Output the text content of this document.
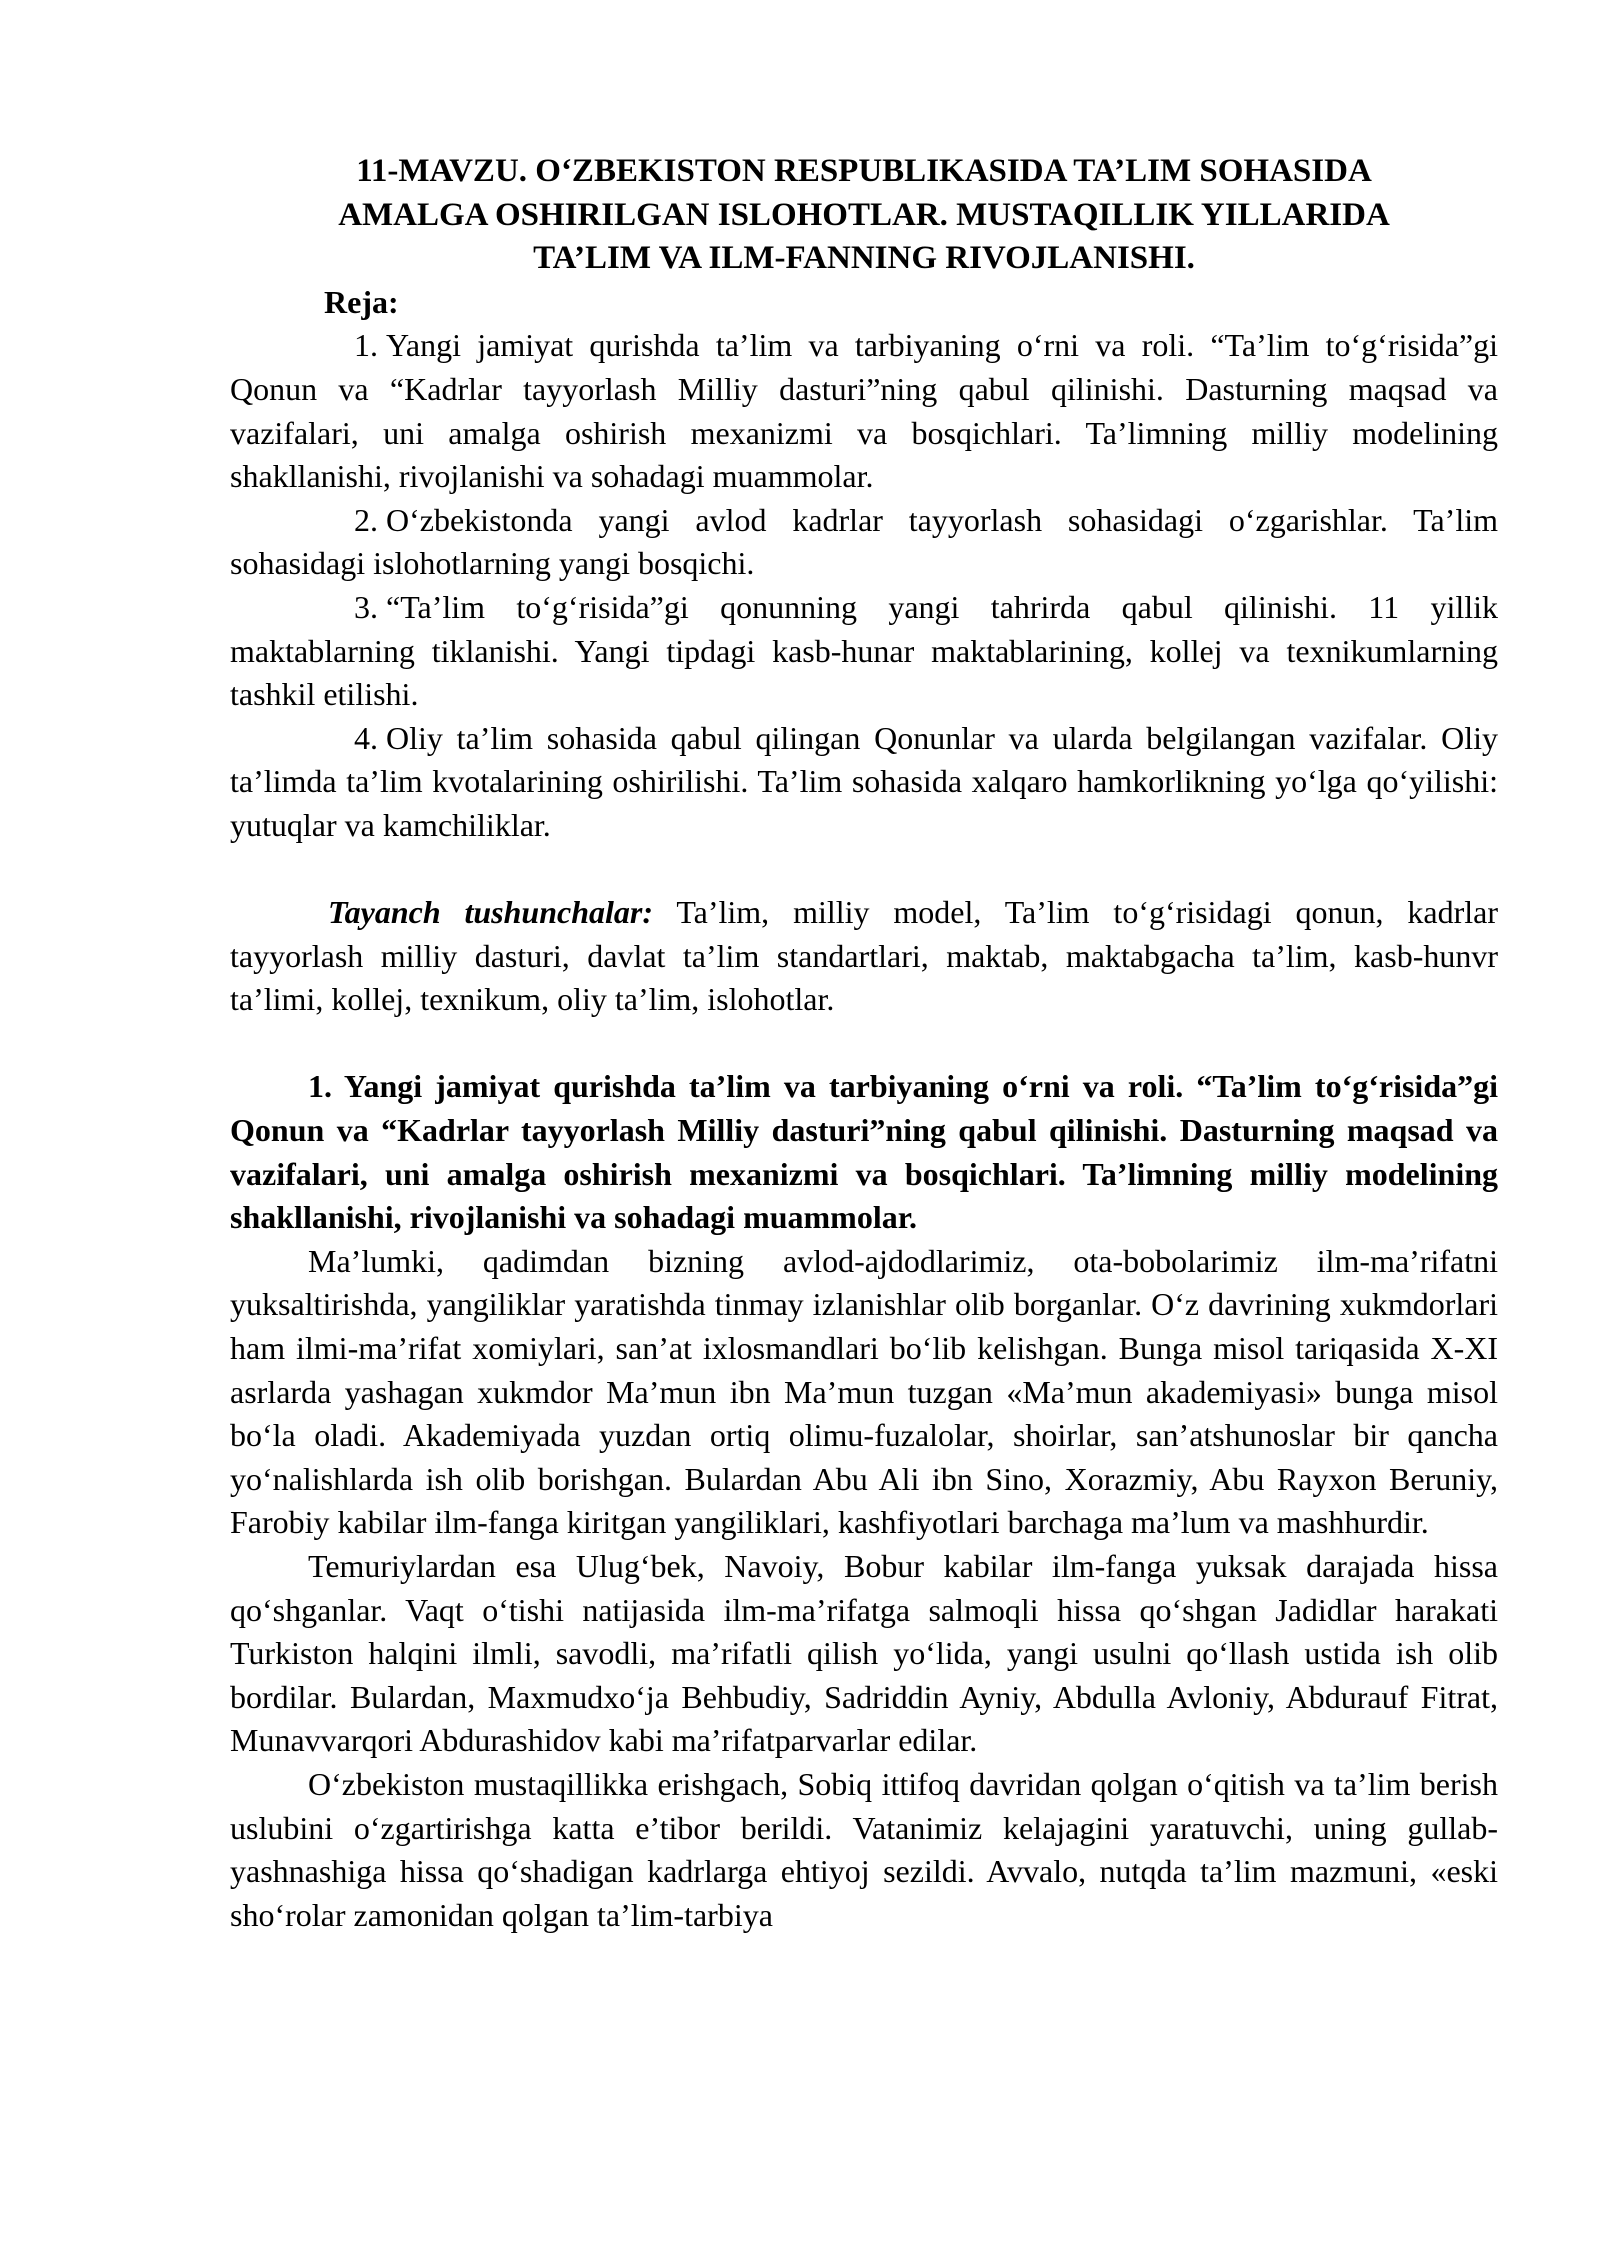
11-MAVZU. O‘ZBEKISTON RESPUBLIKASIDA TA’LIM SOHASIDA
AMALGA OSHIRILGAN ISLOHOTLAR. MUSTAQILLIK YILLARIDA
TA’LIM VA ILM-FANNING RIVOJLANISHI.
Reja:
1. Yangi jamiyat qurishda ta’lim va tarbiyaning o‘rni va roli. “Ta’lim to‘g‘risida”gi Qonun va “Kadrlar tayyorlash Milliy dasturi”ning qabul qilinishi. Dasturning maqsad va vazifalari, uni amalga oshirish mexanizmi va bosqichlari. Ta’limning milliy modelining shakllanishi, rivojlanishi va sohadagi muammolar.
2. O‘zbekistonda yangi avlod kadrlar tayyorlash sohasidagi o‘zgarishlar. Ta’lim sohasidagi islohotlarning yangi bosqichi.
3. “Ta’lim to‘g‘risida”gi qonunning yangi tahrirda qabul qilinishi. 11 yillik maktablarning tiklanishi. Yangi tipdagi kasb-hunar maktablarining, kollej va texnikumlarning tashkil etilishi.
4. Oliy ta’lim sohasida qabul qilingan Qonunlar va ularda belgilangan vazifalar. Oliy ta’limda ta’lim kvotalarining oshirilishi. Ta’lim sohasida xalqaro hamkorlikning yo‘lga qo‘yilishi: yutuqlar va kamchiliklar.

Tayanch tushunchalar: Ta’lim, milliy model, Ta’lim to‘g‘risidagi qonun, kadrlar tayyorlash milliy dasturi, davlat ta’lim standartlari, maktab, maktabgacha ta’lim, kasb-hunvr ta’limi, kollej, texnikum, oliy ta’lim, islohotlar.

1. Yangi jamiyat qurishda ta’lim va tarbiyaning o‘rni va roli. “Ta’lim to‘g‘risida”gi Qonun va “Kadrlar tayyorlash Milliy dasturi”ning qabul qilinishi. Dasturning maqsad va vazifalari, uni amalga oshirish mexanizmi va bosqichlari. Ta’limning milliy modelining shakllanishi, rivojlanishi va sohadagi muammolar.

Ma’lumki, qadimdan bizning avlod-ajdodlarimiz, ota-bobolarimiz ilm-ma’rifatni yuksaltirishda, yangiliklar yaratishda tinmay izlanishlar olib borganlar. O‘z davrining xukmdorlari ham ilmi-ma’rifat xomiylari, san’at ixlosmandlari bo‘lib kelishgan. Bunga misol tariqasida X-XI asrlarda yashagan xukmdor Ma’mun ibn Ma’mun tuzgan «Ma’mun akademiyasi» bunga misol bo‘la oladi. Akademiyada yuzdan ortiq olimu-fuzalolar, shoirlar, san’atshunoslar bir qancha yo‘nalishlarda ish olib borishgan. Bulardan Abu Ali ibn Sino, Xorazmiy, Abu Rayxon Beruniy, Farobiy kabilar ilm-fanga kiritgan yangiliklari, kashfiyotlari barchaga ma’lum va mashhurdir.

Temuriylardan esa Ulug‘bek, Navoiy, Bobur kabilar ilm-fanga yuksak darajada hissa qo‘shganlar. Vaqt o‘tishi natijasida ilm-ma’rifatga salmoqli hissa qo‘shgan Jadidlar harakati Turkiston halqini ilmli, savodli, ma’rifatli qilish yo‘lida, yangi usulni qo‘llash ustida ish olib bordilar. Bulardan, Maxmudxo‘ja Behbudiy, Sadriddin Ayniy, Abdulla Avloniy, Abdurauf Fitrat, Munavvarqori Abdurashidov kabi ma’rifatparvarlar edilar.

O‘zbekiston mustaqillikka erishgach, Sobiq ittifoq davridan qolgan o‘qitish va ta’lim berish uslubini o‘zgartirishga katta e’tibor berildi. Vatanimiz kelajagini yaratuvchi, uning gullab-yashnashiga hissa qo‘shadigan kadrlarga ehtiyoj sezildi. Avvalo, nutqda ta’lim mazmuni, «eski sho‘rolar zamonidan qolgan ta’lim-tarbiya
